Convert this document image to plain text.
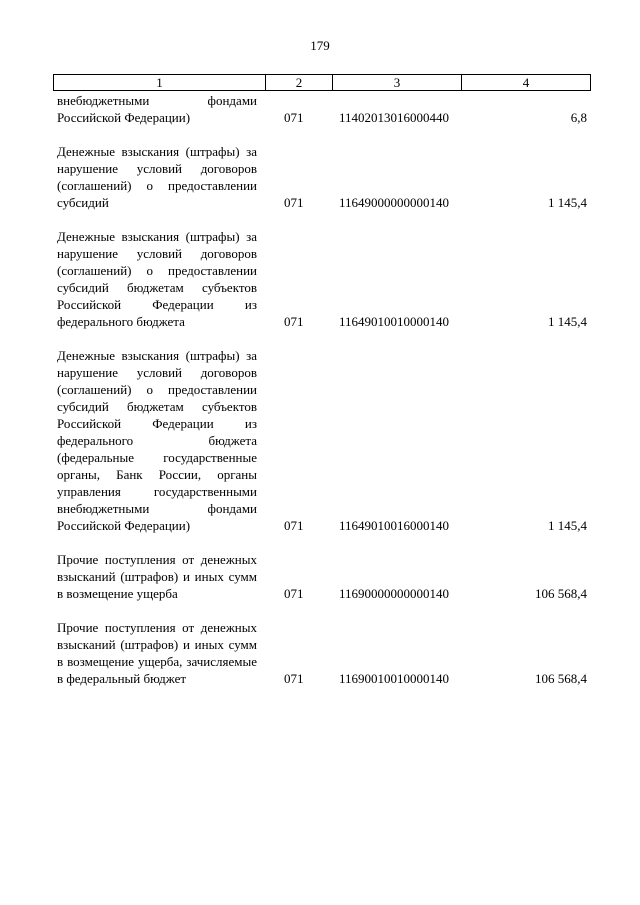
179
1	2	3	4
внебюджетными фондами Российской Федерации)	071	11402013016000440	6,8
Денежные взыскания (штрафы) за нарушение условий договоров (соглашений) о предоставлении субсидий	071	11649000000000140	1 145,4
Денежные взыскания (штрафы) за нарушение условий договоров (соглашений) о предоставлении субсидий бюджетам субъектов Российской Федерации из федерального бюджета	071	11649010010000140	1 145,4
Денежные взыскания (штрафы) за нарушение условий договоров (соглашений) о предоставлении субсидий бюджетам субъектов Российской Федерации из федерального бюджета (федеральные государственные органы, Банк России, органы управления государственными внебюджетными фондами Российской Федерации)	071	11649010016000140	1 145,4
Прочие поступления от денежных взысканий (штрафов) и иных сумм в возмещение ущерба	071	11690000000000140	106 568,4
Прочие поступления от денежных взысканий (штрафов) и иных сумм в возмещение ущерба, зачисляемые в федеральный бюджет	071	11690010010000140	106 568,4
